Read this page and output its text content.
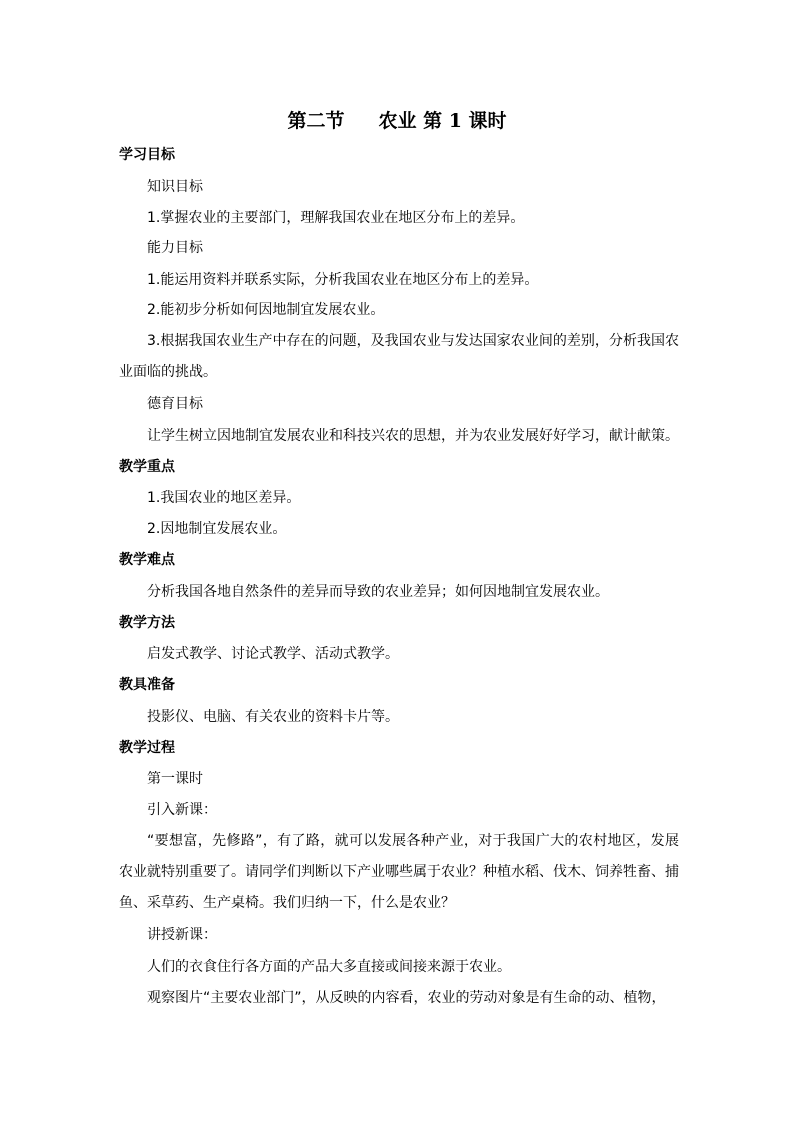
第二节 农业 第 1 课时
学习目标
知识目标
1.掌握农业的主要部门，理解我国农业在地区分布上的差异。
能力目标
1.能运用资料并联系实际，分析我国农业在地区分布上的差异。
2.能初步分析如何因地制宜发展农业。
3.根据我国农业生产中存在的问题，及我国农业与发达国家农业间的差别，分析我国农业面临的挑战。
德育目标
让学生树立因地制宜发展农业和科技兴农的思想，并为农业发展好好学习，献计献策。
教学重点
1.我国农业的地区差异。
2.因地制宜发展农业。
教学难点
分析我国各地自然条件的差异而导致的农业差异；如何因地制宜发展农业。
教学方法
启发式教学、讨论式教学、活动式教学。
教具准备
投影仪、电脑、有关农业的资料卡片等。
教学过程
第一课时
引入新课：
“要想富，先修路”，有了路，就可以发展各种产业，对于我国广大的农村地区，发展农业就特别重要了。请同学们判断以下产业哪些属于农业？种植水稻、伐木、饲养牲畜、捕鱼、采草药、生产桌椅。我们归纳一下，什么是农业？
讲授新课：
人们的衣食住行各方面的产品大多直接或间接来源于农业。
观察图片“主要农业部门”，从反映的内容看，农业的劳动对象是有生命的动、植物，
